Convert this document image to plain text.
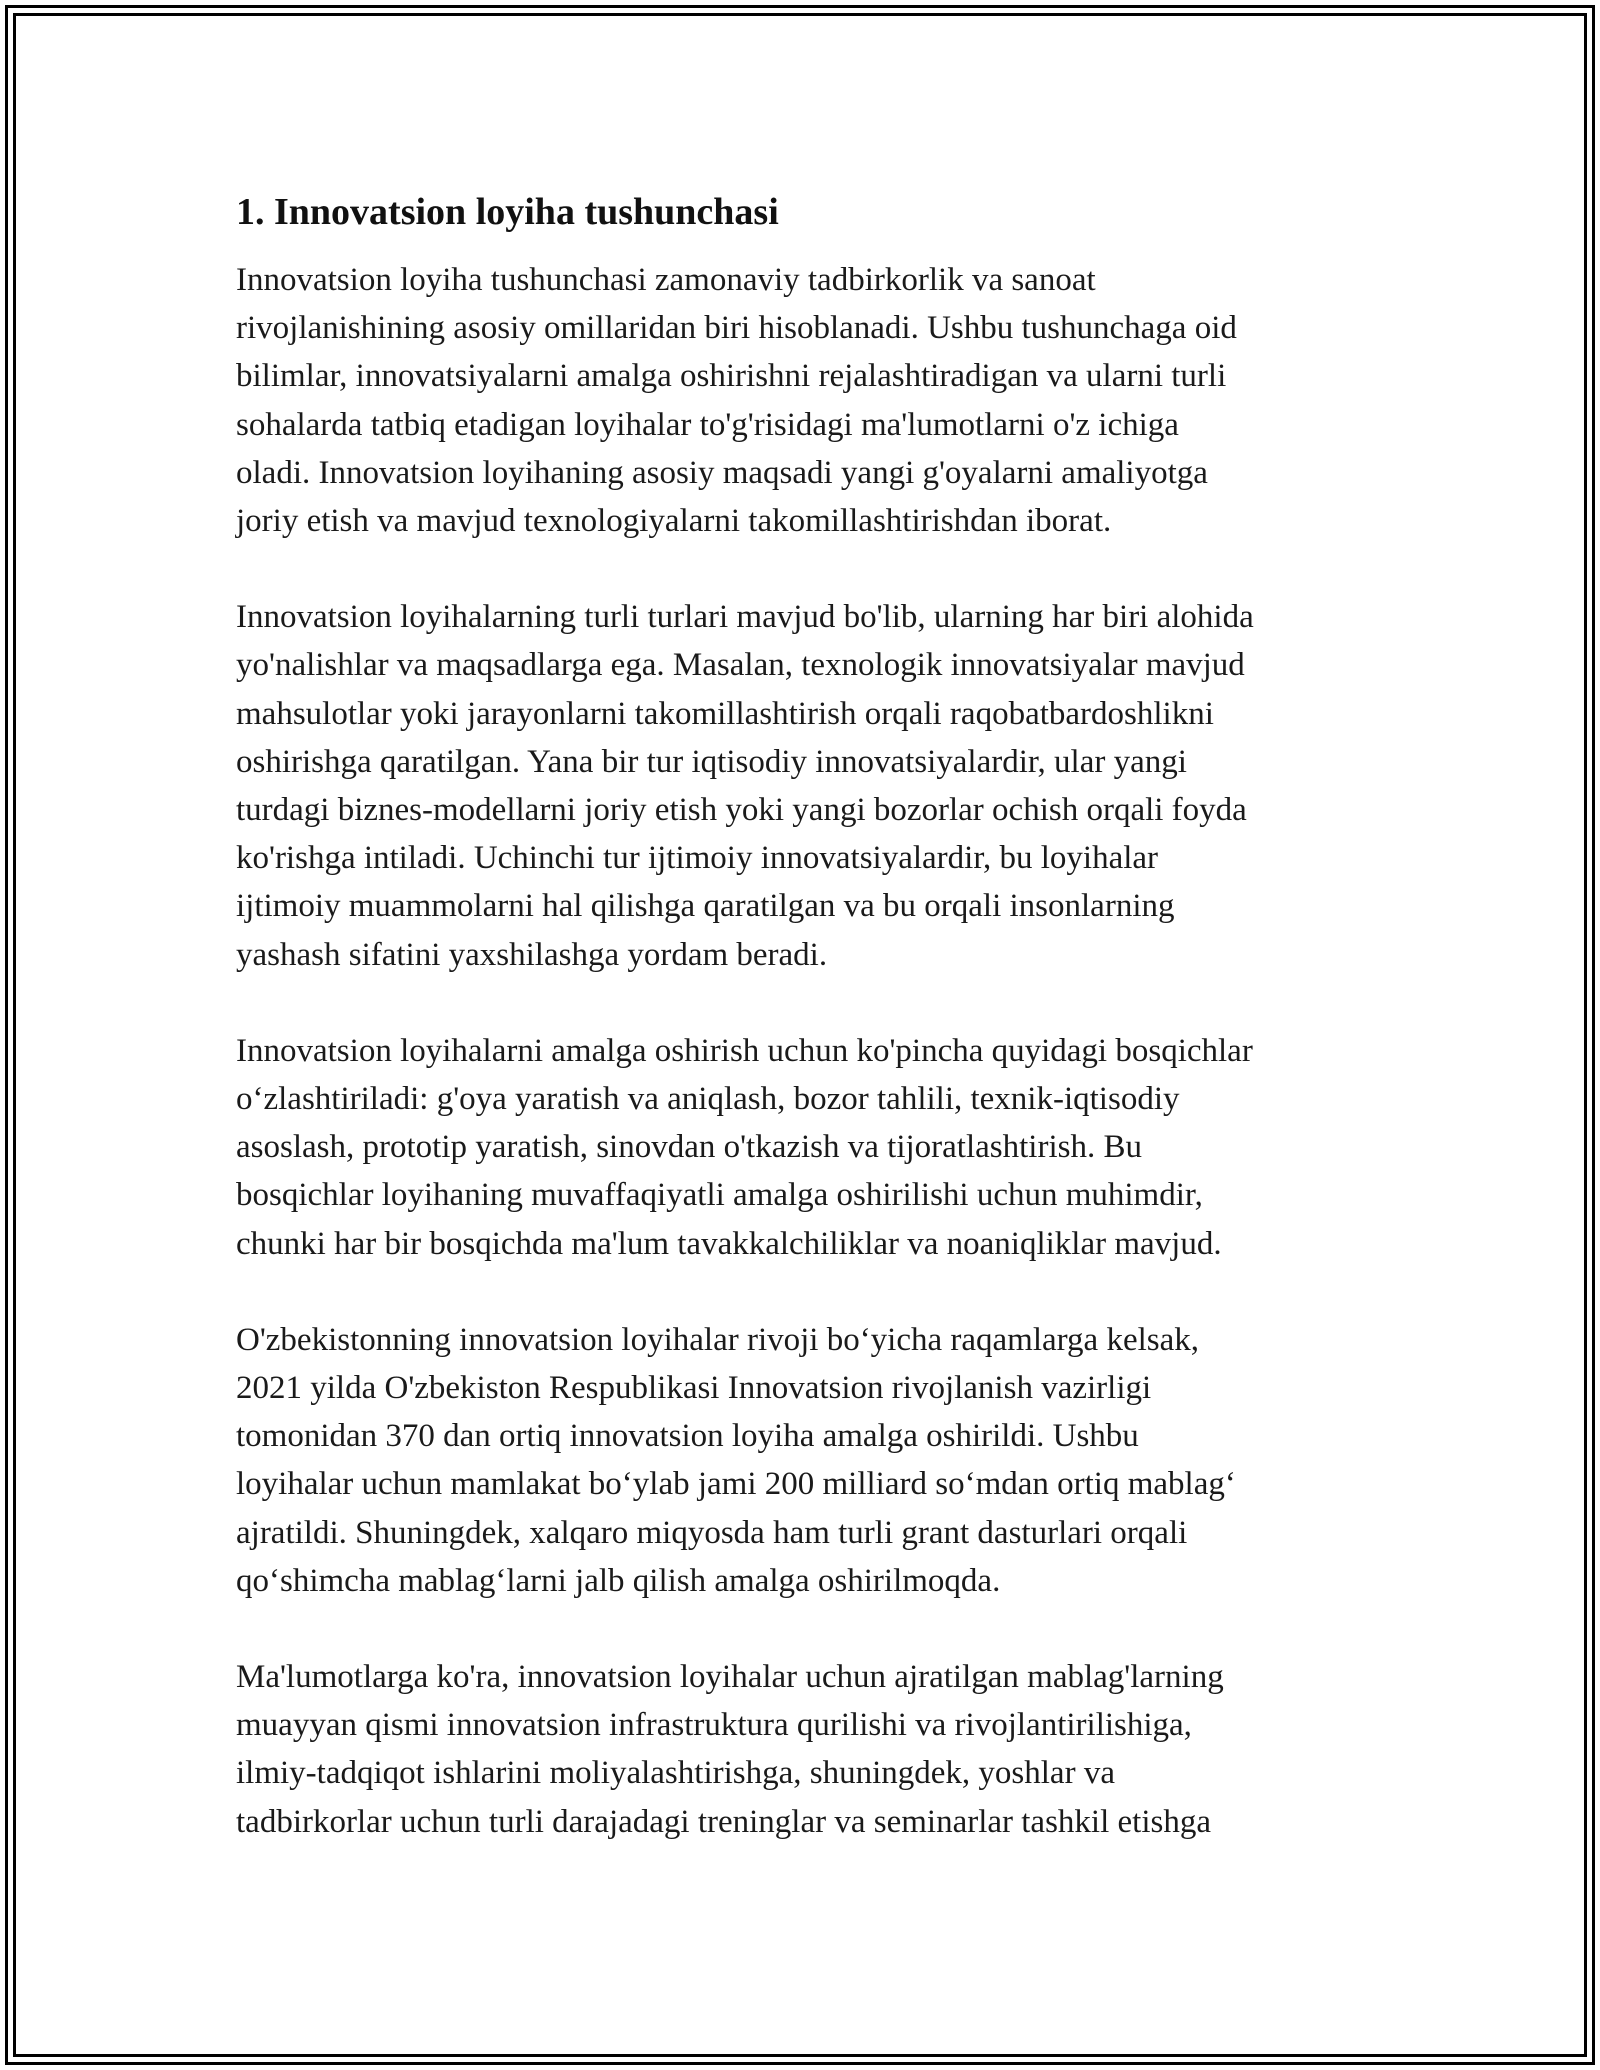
1. Innovatsion loyiha tushunchasi
Innovatsion loyiha tushunchasi zamonaviy tadbirkorlik va sanoat
rivojlanishining asosiy omillaridan biri hisoblanadi. Ushbu tushunchaga oid
bilimlar, innovatsiyalarni amalga oshirishni rejalashtiradigan va ularni turli
sohalarda tatbiq etadigan loyihalar to'g'risidagi ma'lumotlarni o'z ichiga
oladi. Innovatsion loyihaning asosiy maqsadi yangi g'oyalarni amaliyotga
joriy etish va mavjud texnologiyalarni takomillashtirishdan iborat.
Innovatsion loyihalarning turli turlari mavjud bo'lib, ularning har biri alohida
yo'nalishlar va maqsadlarga ega. Masalan, texnologik innovatsiyalar mavjud
mahsulotlar yoki jarayonlarni takomillashtirish orqali raqobatbardoshlikni
oshirishga qaratilgan. Yana bir tur iqtisodiy innovatsiyalardir, ular yangi
turdagi biznes-modellarni joriy etish yoki yangi bozorlar ochish orqali foyda
ko'rishga intiladi. Uchinchi tur ijtimoiy innovatsiyalardir, bu loyihalar
ijtimoiy muammolarni hal qilishga qaratilgan va bu orqali insonlarning
yashash sifatini yaxshilashga yordam beradi.
Innovatsion loyihalarni amalga oshirish uchun ko'pincha quyidagi bosqichlar
o‘zlashtiriladi: g'oya yaratish va aniqlash, bozor tahlili, texnik-iqtisodiy
asoslash, prototip yaratish, sinovdan o'tkazish va tijoratlashtirish. Bu
bosqichlar loyihaning muvaffaqiyatli amalga oshirilishi uchun muhimdir,
chunki har bir bosqichda ma'lum tavakkalchiliklar va noaniqliklar mavjud.
O'zbekistonning innovatsion loyihalar rivoji bo‘yicha raqamlarga kelsak,
2021 yilda O'zbekiston Respublikasi Innovatsion rivojlanish vazirligi
tomonidan 370 dan ortiq innovatsion loyiha amalga oshirildi. Ushbu
loyihalar uchun mamlakat bo‘ylab jami 200 milliard so‘mdan ortiq mablag‘
ajratildi. Shuningdek, xalqaro miqyosda ham turli grant dasturlari orqali
qo‘shimcha mablag‘larni jalb qilish amalga oshirilmoqda.
Ma'lumotlarga ko'ra, innovatsion loyihalar uchun ajratilgan mablag'larning
muayyan qismi innovatsion infrastruktura qurilishi va rivojlantirilishiga,
ilmiy-tadqiqot ishlarini moliyalashtirishga, shuningdek, yoshlar va
tadbirkorlar uchun turli darajadagi treninglar va seminarlar tashkil etishga
